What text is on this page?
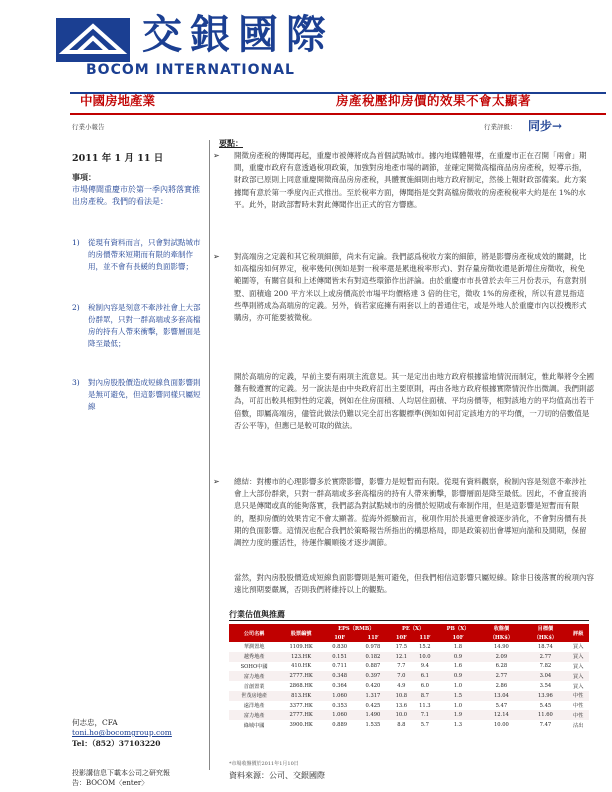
交銀國際
BOCOM INTERNATIONAL
中國房地產業	房產稅壓抑房價的效果不會太顯著
行業小報告	行業評級： 同步→
2011 年 1 月 11 日
事項：
市場傳聞重慶市於第一季內將落實推出房產稅。我們的看法是：
1) 從現有資料而言，只會對試點城市的房價帶來短期而有限的牽制作用，並不會有長緩的負面影響；
2) 稅制內容是刻意不牽涉社會上大部份群眾，只對一群高端或多套高檔房的持有人帶來衝擊，影響層面是降至最低；
3) 對內房股股價造成短線負面影響則是無可避免，但這影響同樣只屬短線
何志忠，CFA
toni.ho@bocomgroup.com
Tel：（852）37103220
投影講信息下載本公司之研究報
告：BOCOM〈enter〉
要點：
➢ 開徵房產稅的傳聞再起，重慶市被傳將成為首個試點城市。據內地媒體報導，在重慶市正在召開「兩會」期間，重慶市政府有意透過稅項政策，加強對房地產市場的調節，並確定開徵高檔商品房房產稅，短導示指，財政部已原則上同意重慶開徵商品房房產稅，具體實施細則由地方政府制定，然後上報財政部備案。此方案據聞有意於第一季度內正式推出。至於稅率方面，傳聞指是交對高檔房徵收的房產稅稅率大約是在 1%的水平。此外，財政部暫時未對此傳聞作出正式的官方響應。
➢ 對高端房之定義和其它稅項細節，尚未有定論。我們認爲稅收方案的細節，將是影響房產稅成效的關鍵，比如高檔房如何界定，稅率幾何(例如是對一稅率還是累進稅率形式)、對存量房徵收還是新增住房徵收，稅免範圍等，有關官員和上述傳聞皆未有對這些環節作出評論。由於重慶市市長曾於去年三月份表示，有意對別墅、面積逾 200 平方米以上或房價高於市場平均價格達 3 倍的住宅，徵收 1%的房產稅，所以有意見指這些準則將成為高端房的定義。另外，倘若家庭擁有兩套以上的普通住宅，或是外地人於重慶市內以投機形式購房，亦可能要被徵稅。
開於高端房的定義，早前主要有兩項主流意見。其一是定出由地方政府根據當地情況而制定，惟此舉將令全國難有較遵實的定義。另一說法是由中央政府訂出主要原則，再由各地方政府根據實際情況作出微調。我們則認為，可訂出較具相對性的定義，例如在住房面積、人均居住面積、平均房價等，相對該地方的平均值高出若干倍數，即屬高端房，儘管此做法仍難以完全訂出客觀標準(例如如何訂定該地方的平均價，一刀切的倍數值是否公平等)，但應已是較可取的做法。
➢ 總結：對樓市的心理影響多於實際影響，影響力是短暫而有限。從現有資料觀察，稅制內容是刻意不牽涉社會上大部份群衆，只對一群高端或多套高檔房的持有人帶來衝擊，影響層面是降至最低。因此，不會直接消息只是傳聞或真的能夠落實，我們認為對試點城市的房價於短期或有牽制作用，但是這影響是短暫而有限的，壓抑房價的效果肯定不會太顯著。從海外經驗而言，稅項作用於長遠更會被逐步消化，不會對房價有長期的負面影響。這情況也配合我們於策略報告所指出的構思格局，即是政策初出會導短向湍和及間期，保留調控力度的靈活性，待運作觸順後才逐步調節。
當然，對內房股股價造成短線負面影響則是無可避免，但我們相信這影響只屬短線。除非日後落實的稅項內容遠比預期要嚴厲，否則我們將維持以上的觀點。
行業估值與推薦
公司名稱	股票編號	EPS（RMB）		PE（X）		PB（X）	收盤價	目標價	評級
		10F	11F	10F	11F	10F	（HK$）	（HK$）	
華潤置地	1109.HK	0.830	0.978	17.5	15.2	1.8	14.90	18.74	買入
越秀地產	123.HK	0.151	0.182	12.1	10.0	0.9	2.09	2.77	買入
SOHO中國	410.HK	0.711	0.887	7.7	9.4	1.6	6.28	7.82	買入
富力地產	2777.HK	0.348	0.397	7.0	6.1	0.9	2.77	3.04	買入
首創置業	2868.HK	0.364	0.420	4.9	6.0	1.0	2.86	3.54	買入
世茂房地產	813.HK	1.060	1.317	10.8	8.7	1.5	13.04	13.96	中性
遠洋地產	3377.HK	0.353	0.425	13.6	11.3	1.0	5.47	5.45	中性
富力地產	2777.HK	1.060	1.490	10.0	7.1	1.9	12.14	11.60	中性
綠城中國	3900.HK	0.889	1.535	8.8	5.7	1.3	10.00	7.47	沽出
*市場收盤價於2011年1月10日
資料來源：公司、交銀國際
